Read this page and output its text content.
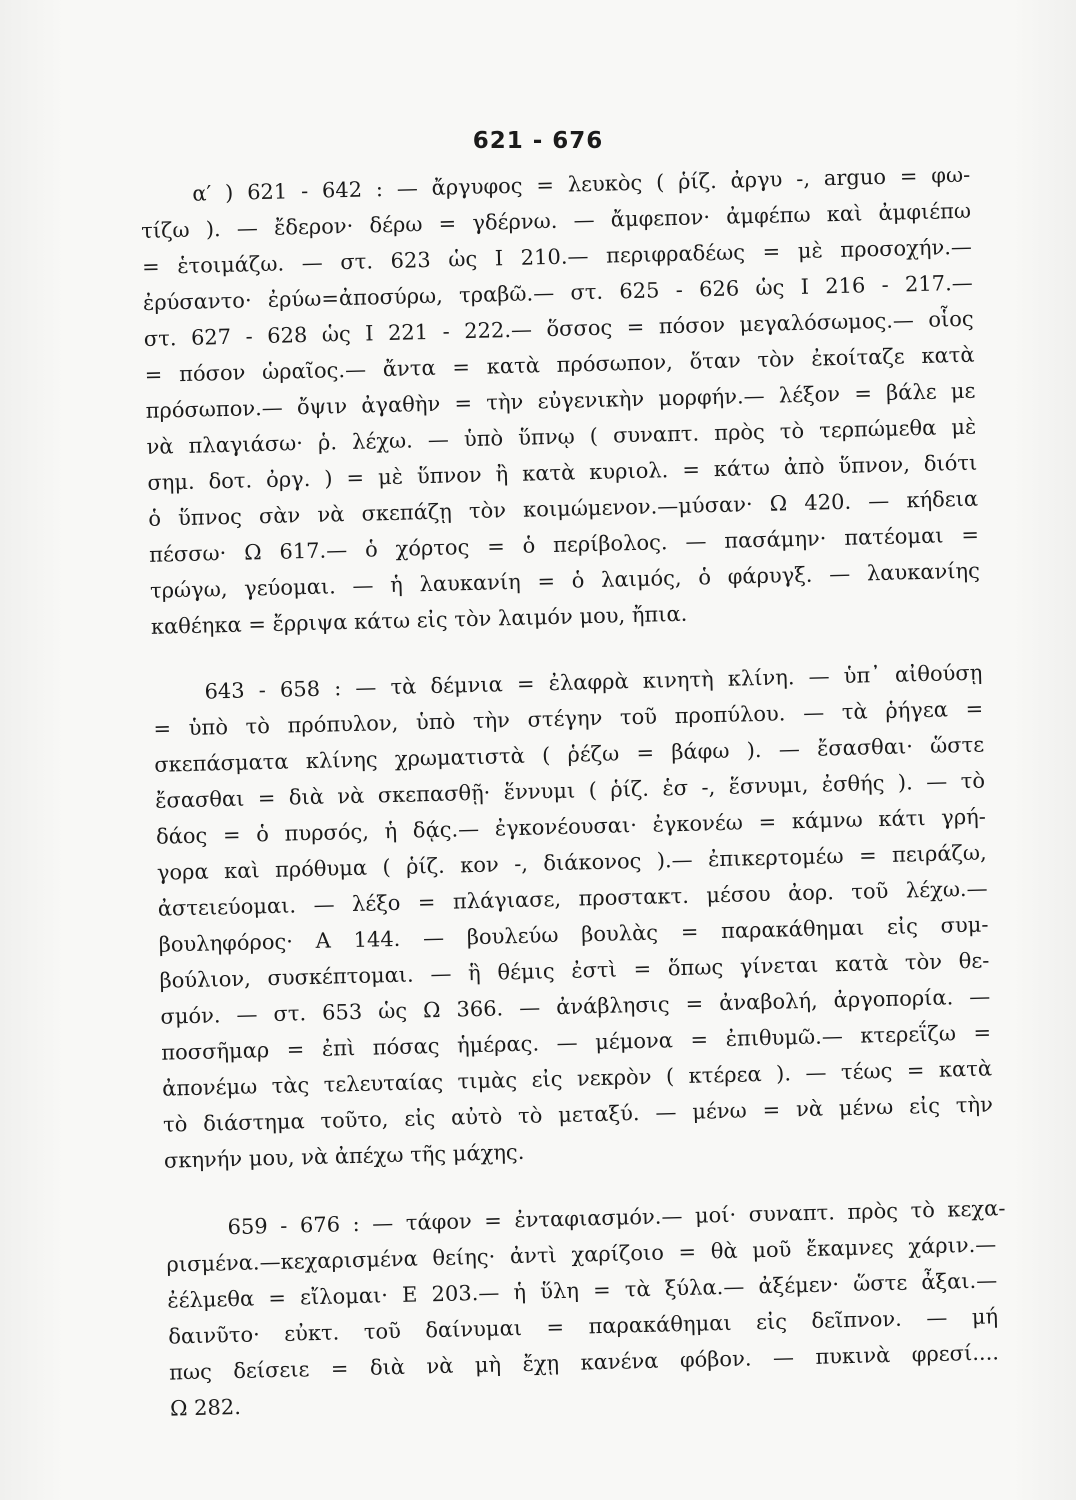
621 - 676
α′ ) 621 - 642 : — ἄργυφος = λευκὸς ( ῥίζ. ἀργυ -, arguo = φω-
τίζω ). — ἔδερον· δέρω = γδέρνω. — ἄμφεπον· ἀμφέπω καὶ ἀμφιέπω
= ἑτοιμάζω. — στ. 623 ὡς Ι 210.— περιφραδέως = μὲ προσοχήν.—
ἐρύσαντο· ἐρύω=ἀποσύρω, τραβῶ.— στ. 625 - 626 ὡς Ι 216 - 217.—
στ. 627 - 628 ὡς Ι 221 - 222.— ὅσσος = πόσον μεγαλόσωμος.— οἷος
= πόσον ὡραῖος.— ἄντα = κατὰ πρόσωπον, ὅταν τὸν ἐκοίταζε κατὰ
πρόσωπον.— ὄψιν ἀγαθὴν = τὴν εὐγενικὴν μορφήν.— λέξον = βάλε με
νὰ πλαγιάσω· ῥ. λέχω. — ὑπὸ ὕπνῳ ( συναπτ. πρὸς τὸ τερπώμεθα μὲ
σημ. δοτ. ὀργ. ) = μὲ ὕπνον ἢ κατὰ κυριολ. = κάτω ἀπὸ ὕπνον, διότι
ὁ ὕπνος σὰν νὰ σκεπάζῃ τὸν κοιμώμενον.—μύσαν· Ω 420. — κήδεια
πέσσω· Ω 617.— ὁ χόρτος = ὁ περίβολος. — πασάμην· πατέομαι =
τρώγω, γεύομαι. — ἡ λαυκανίη = ὁ λαιμός, ὁ φάρυγξ. — λαυκανίης
καθέηκα = ἔρριψα κάτω εἰς τὸν λαιμόν μου, ἤπια.
643 - 658 : — τὰ δέμνια = ἐλαφρὰ κινητὴ κλίνη. — ὑπ᾿ αἰθούσῃ
= ὑπὸ τὸ πρόπυλον, ὑπὸ τὴν στέγην τοῦ προπύλου. — τὰ ῥήγεα =
σκεπάσματα κλίνης χρωματιστὰ ( ῥέζω = βάφω ). — ἔσασθαι· ὥστε
ἔσασθαι = διὰ νὰ σκεπασθῇ· ἕννυμι ( ῥίζ. ἑσ -, ἕσνυμι, ἐσθής ). — τὸ
δάος = ὁ πυρσός, ἡ δᾴς.— ἐγκονέουσαι· ἐγκονέω = κάμνω κάτι γρή-
γορα καὶ πρόθυμα ( ῥίζ. κον -, διάκονος ).— ἐπικερτομέω = πειράζω,
ἀστειεύομαι. — λέξο = πλάγιασε, προστακτ. μέσου ἀορ. τοῦ λέχω.—
βουληφόρος· Α 144. — βουλεύω βουλὰς = παρακάθημαι εἰς συμ-
βούλιον, συσκέπτομαι. — ἣ θέμις ἐστὶ = ὅπως γίνεται κατὰ τὸν θε-
σμόν. — στ. 653 ὡς Ω 366. — ἀνάβλησις = ἀναβολή, ἀργοπορία. —
ποσσῆμαρ = ἐπὶ πόσας ἡμέρας. — μέμονα = ἐπιθυμῶ.— κτερεΐζω =
ἀπονέμω τὰς τελευταίας τιμὰς εἰς νεκρὸν ( κτέρεα ). — τέως = κατὰ
τὸ διάστημα τοῦτο, εἰς αὐτὸ τὸ μεταξύ. — μένω = νὰ μένω εἰς τὴν
σκηνήν μου, νὰ ἀπέχω τῆς μάχης.
659 - 676 : — τάφον = ἐνταφιασμόν.— μοί· συναπτ. πρὸς τὸ κεχα-
ρισμένα.—κεχαρισμένα θείης· ἀντὶ χαρίζοιο = θὰ μοῦ ἔκαμνες χάριν.—
ἐέλμεθα = εἴλομαι· Ε 203.— ἡ ὕλη = τὰ ξύλα.— ἀξέμεν· ὥστε ἆξαι.—
δαινῦτο· εὐκτ. τοῦ δαίνυμαι = παρακάθημαι εἰς δεῖπνον. — μή
πως δείσειε = διὰ νὰ μὴ ἔχῃ κανένα φόβον. — πυκινὰ φρεσί....
Ω 282.
